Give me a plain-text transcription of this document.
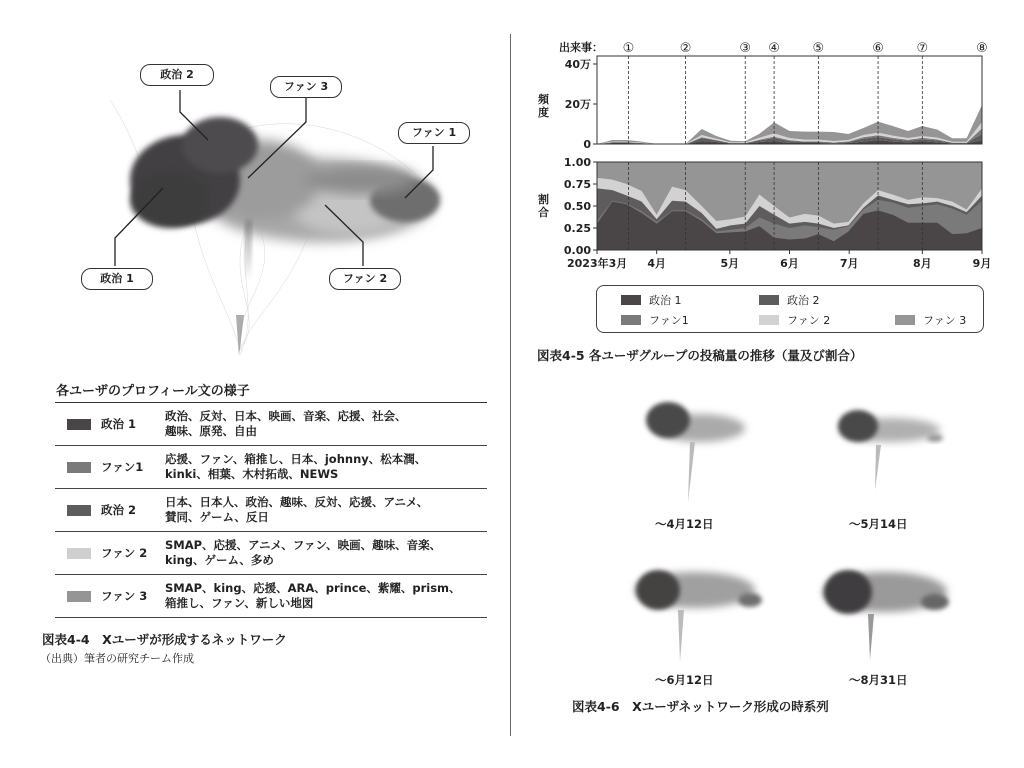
政治 2
ファン 3
ファン 1
政治 1	ファン 2
各ユーザのプロフィール文の様子
政治 1
政治、反対、日本、映画、音楽、応援、社会、
趣味、原発、自由
ファン1
応援、ファン、箱推し、日本、johnny、松本潤、
kinki、相葉、木村拓哉、NEWS
政治 2
日本、日本人、政治、趣味、反対、応援、アニメ、
賛同、ゲーム、反日
ファン 2
SMAP、応援、アニメ、ファン、映画、趣味、音楽、
king、ゲーム、多め
ファン 3
SMAP、king、応援、ARA、prince、紫耀、prism、
箱推し、ファン、新しい地図
図表4-4　Xユーザが形成するネットワーク
（出典）筆者の研究チーム作成
0
20万
40万
頻
度
出来事： ①	②	③ ④	⑤	⑥	⑦	⑧
0.00
0.25
0.50
0.75
1.00
割
合
2023年3月 4月	5月	6月	7月	8月	9月
政治 1	政治 2
ファン1	ファン 2	ファン 3
図表4-5 各ユーザグループの投稿量の推移（量及び割合）
〜4月12日	〜5月14日
〜6月12日	〜8月31日
図表4-6　Xユーザネットワーク形成の時系列
